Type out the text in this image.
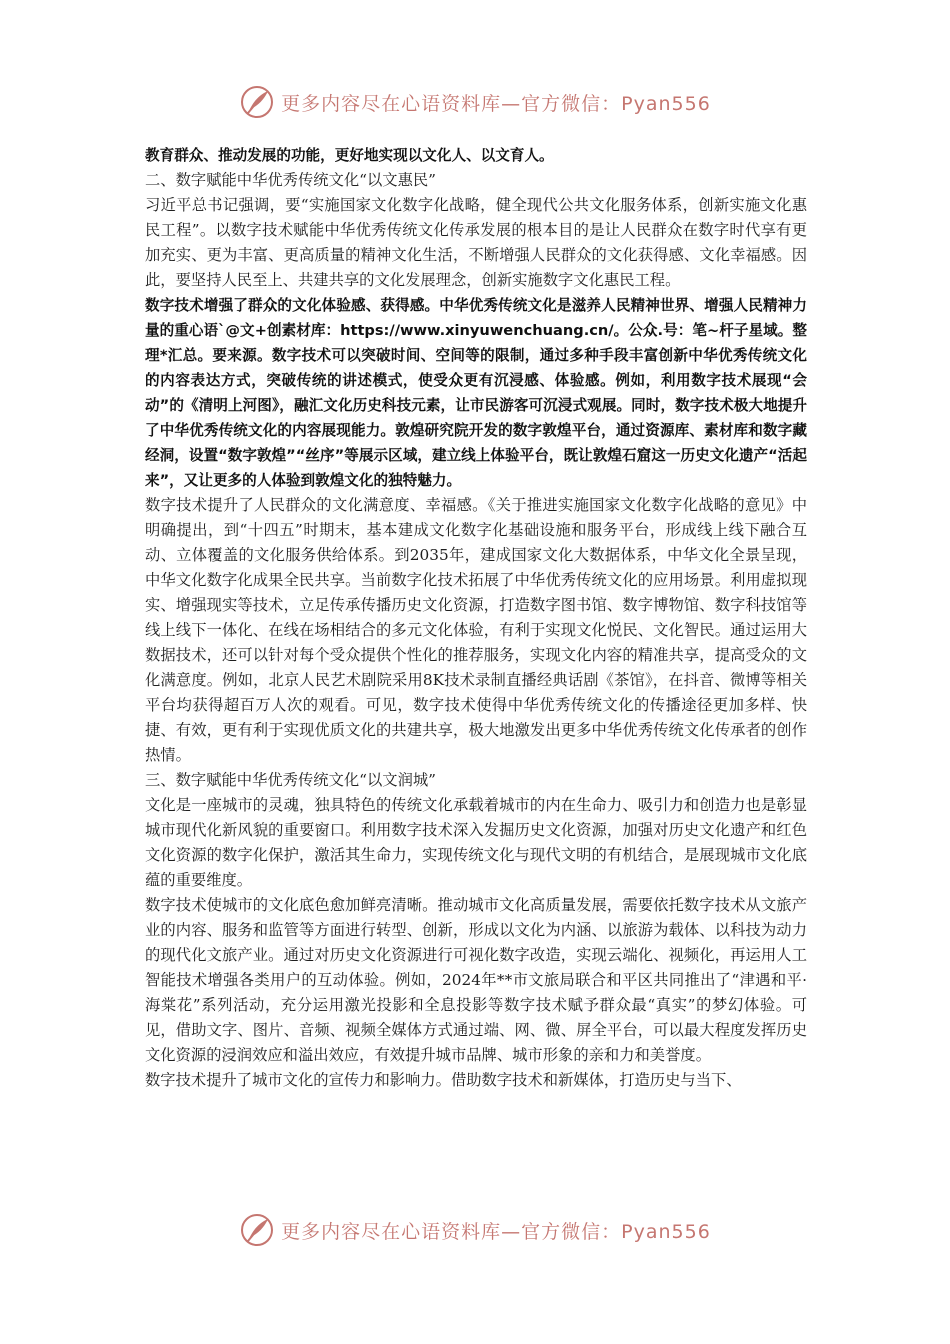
更多内容尽在心语资料库—官方微信：Pyan556

教育群众、推动发展的功能，更好地实现以文化人、以文育人。

二、数字赋能中华优秀传统文化“以文惠民”

习近平总书记强调，要“实施国家文化数字化战略，健全现代公共文化服务体系，创新实施文化惠民工程”。以数字技术赋能中华优秀传统文化传承发展的根本目的是让人民群众在数字时代享有更加充实、更为丰富、更高质量的精神文化生活，不断增强人民群众的文化获得感、文化幸福感。因此，要坚持人民至上、共建共享的文化发展理念，创新实施数字文化惠民工程。

数字技术增强了群众的文化体验感、获得感。中华优秀传统文化是滋养人民精神世界、增强人民精神力量的重心语`@文+创素材库：https://www.xinyuwenchuang.cn/。公众.号：笔~杆子星域。整理*汇总。要来源。数字技术可以突破时间、空间等的限制，通过多种手段丰富创新中华优秀传统文化的内容表达方式，突破传统的讲述模式，使受众更有沉浸感、体验感。例如，利用数字技术展现“会动”的《清明上河图》，融汇文化历史科技元素，让市民游客可沉浸式观展。同时，数字技术极大地提升了中华优秀传统文化的内容展现能力。敦煌研究院开发的数字敦煌平台，通过资源库、素材库和数字藏经洞，设置“数字敦煌”“丝序”等展示区域，建立线上体验平台，既让敦煌石窟这一历史文化遗产“活起来”，又让更多的人体验到敦煌文化的独特魅力。

数字技术提升了人民群众的文化满意度、幸福感。《关于推进实施国家文化数字化战略的意见》中明确提出，到“十四五”时期末，基本建成文化数字化基础设施和服务平台，形成线上线下融合互动、立体覆盖的文化服务供给体系。到2035年，建成国家文化大数据体系，中华文化全景呈现，中华文化数字化成果全民共享。当前数字化技术拓展了中华优秀传统文化的应用场景。利用虚拟现实、增强现实等技术，立足传承传播历史文化资源，打造数字图书馆、数字博物馆、数字科技馆等线上线下一体化、在线在场相结合的多元文化体验，有利于实现文化悦民、文化智民。通过运用大数据技术，还可以针对每个受众提供个性化的推荐服务，实现文化内容的精准共享，提高受众的文化满意度。例如，北京人民艺术剧院采用8K技术录制直播经典话剧《茶馆》，在抖音、微博等相关平台均获得超百万人次的观看。可见，数字技术使得中华优秀传统文化的传播途径更加多样、快捷、有效，更有利于实现优质文化的共建共享，极大地激发出更多中华优秀传统文化传承者的创作热情。

三、数字赋能中华优秀传统文化“以文润城”

文化是一座城市的灵魂，独具特色的传统文化承载着城市的内在生命力、吸引力和创造力也是彰显城市现代化新风貌的重要窗口。利用数字技术深入发掘历史文化资源，加强对历史文化遗产和红色文化资源的数字化保护，激活其生命力，实现传统文化与现代文明的有机结合，是展现城市文化底蕴的重要维度。

数字技术使城市的文化底色愈加鲜亮清晰。推动城市文化高质量发展，需要依托数字技术从文旅产业的内容、服务和监管等方面进行转型、创新，形成以文化为内涵、以旅游为载体、以科技为动力的现代化文旅产业。通过对历史文化资源进行可视化数字改造，实现云端化、视频化，再运用人工智能技术增强各类用户的互动体验。例如，2024年**市文旅局联合和平区共同推出了“津遇和平·海棠花”系列活动，充分运用激光投影和全息投影等数字技术赋予群众最“真实”的梦幻体验。可见，借助文字、图片、音频、视频全媒体方式通过端、网、微、屏全平台，可以最大程度发挥历史文化资源的浸润效应和溢出效应，有效提升城市品牌、城市形象的亲和力和美誉度。

数字技术提升了城市文化的宣传力和影响力。借助数字技术和新媒体，打造历史与当下、

更多内容尽在心语资料库—官方微信：Pyan556
